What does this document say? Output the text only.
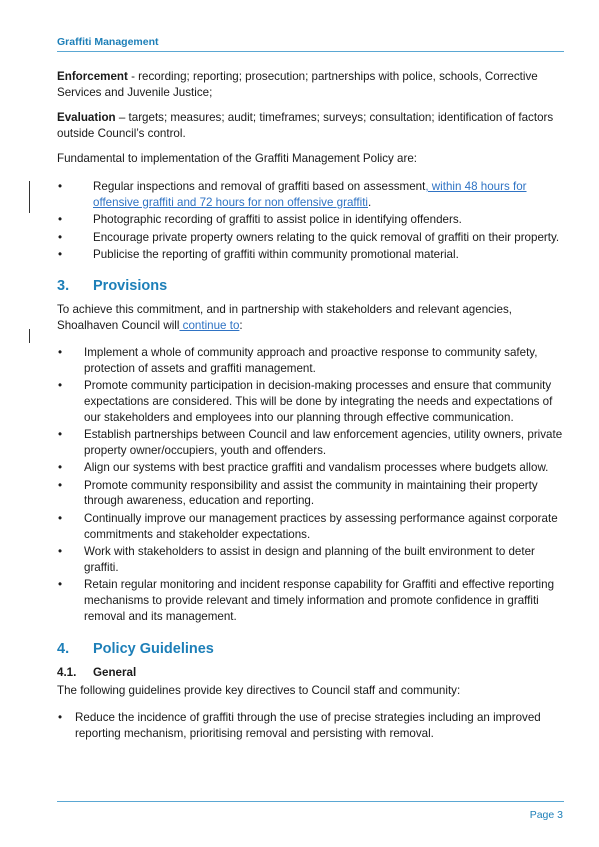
Graffiti Management

Enforcement - recording; reporting; prosecution; partnerships with police, schools, Corrective Services and Juvenile Justice;

Evaluation – targets; measures; audit; timeframes; surveys; consultation; identification of factors outside Council’s control.

Fundamental to implementation of the Graffiti Management Policy are:

• Regular inspections and removal of graffiti based on assessment, within 48 hours for offensive graffiti and 72 hours for non offensive graffiti.
• Photographic recording of graffiti to assist police in identifying offenders.
• Encourage private property owners relating to the quick removal of graffiti on their property.
• Publicise the reporting of graffiti within community promotional material.
3. Provisions

To achieve this commitment, and in partnership with stakeholders and relevant agencies, Shoalhaven Council will continue to:

• Implement a whole of community approach and proactive response to community safety, protection of assets and graffiti management.
• Promote community participation in decision-making processes and ensure that community expectations are considered. This will be done by integrating the needs and expectations of our stakeholders and employees into our planning through effective communication.
• Establish partnerships between Council and law enforcement agencies, utility owners, private property owner/occupiers, youth and offenders.
• Align our systems with best practice graffiti and vandalism processes where budgets allow.
• Promote community responsibility and assist the community in maintaining their property through awareness, education and reporting.
• Continually improve our management practices by assessing performance against corporate commitments and stakeholder expectations.
• Work with stakeholders to assist in design and planning of the built environment to deter graffiti.
• Retain regular monitoring and incident response capability for Graffiti and effective reporting mechanisms to provide relevant and timely information and promote confidence in graffiti removal and its management.
4. Policy Guidelines
4.1. General

The following guidelines provide key directives to Council staff and community:

• Reduce the incidence of graffiti through the use of precise strategies including an improved reporting mechanism, prioritising removal and persisting with removal.
Page 3
